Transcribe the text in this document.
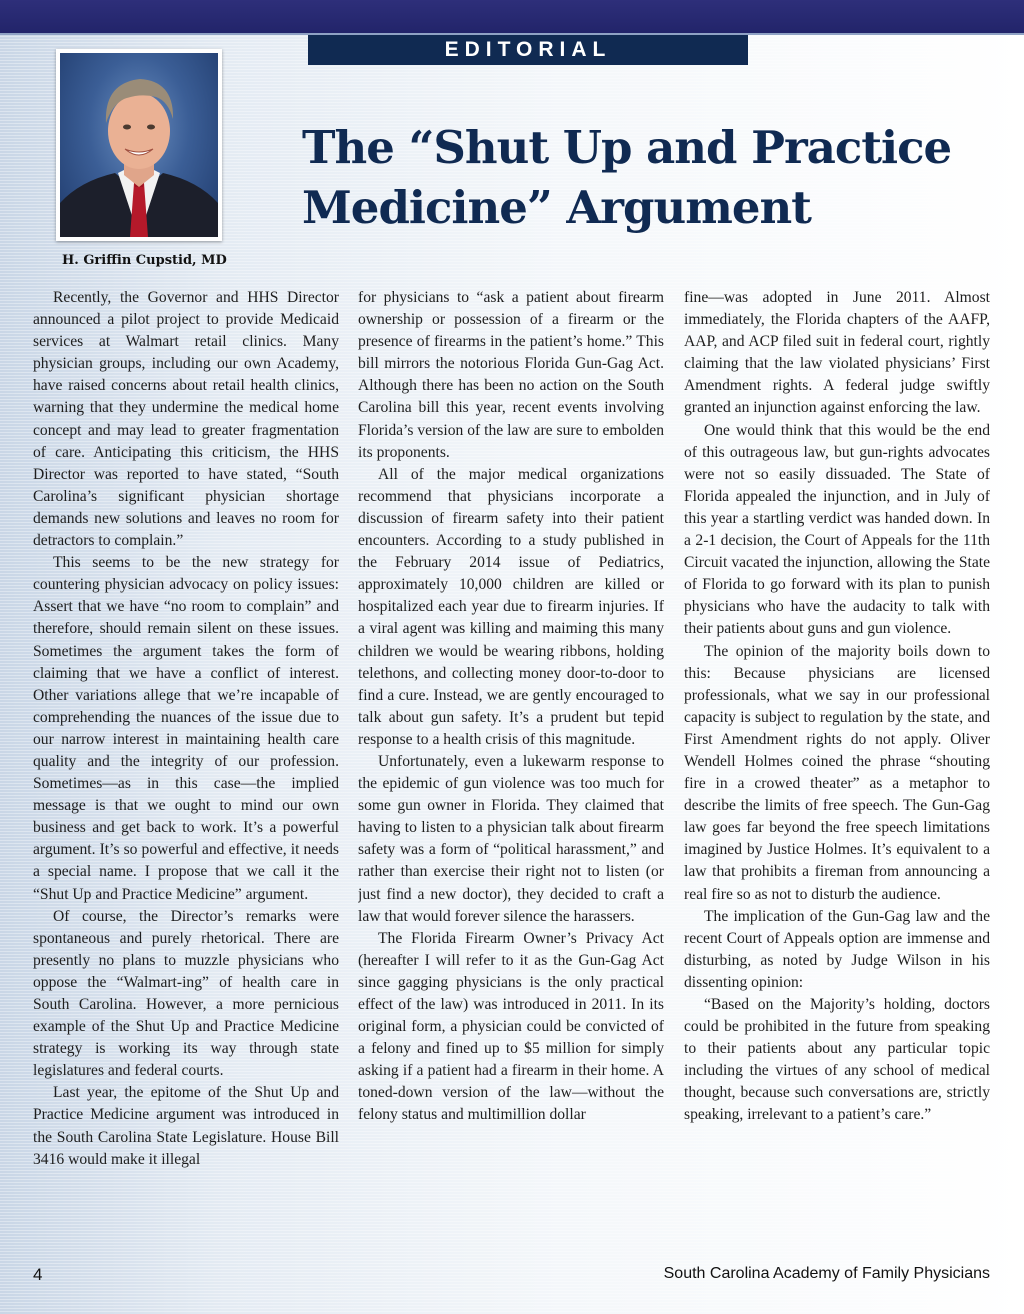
EDITORIAL
H. Griffin Cupstid, MD
The “Shut Up and Practice
Medicine” Argument

Recently, the Governor and HHS Director announced a pilot project to provide Medicaid services at Walmart retail clinics. Many physician groups, including our own Academy, have raised concerns about retail health clinics, warning that they undermine the medical home concept and may lead to greater fragmentation of care. Anticipating this criticism, the HHS Director was reported to have stated, “South Carolina’s significant physician shortage demands new solutions and leaves no room for detractors to complain.”

This seems to be the new strategy for countering physician advocacy on policy issues: Assert that we have “no room to complain” and therefore, should remain silent on these issues. Sometimes the argument takes the form of claiming that we have a conflict of interest. Other variations allege that we’re incapable of comprehending the nuances of the issue due to our narrow interest in maintaining health care quality and the integrity of our profession. Sometimes—as in this case—the implied message is that we ought to mind our own business and get back to work. It’s a powerful argument. It’s so powerful and effective, it needs a special name. I propose that we call it the “Shut Up and Practice Medicine” argument.

Of course, the Director’s remarks were spontaneous and purely rhetorical. There are presently no plans to muzzle physicians who oppose the “Walmart-ing” of health care in South Carolina. However, a more pernicious example of the Shut Up and Practice Medicine strategy is working its way through state legislatures and federal courts.

Last year, the epitome of the Shut Up and Practice Medicine argument was introduced in the South Carolina State Legislature. House Bill 3416 would make it illegal

for physicians to “ask a patient about firearm ownership or possession of a firearm or the presence of firearms in the patient’s home.” This bill mirrors the notorious Florida Gun-Gag Act. Although there has been no action on the South Carolina bill this year, recent events involving Florida’s version of the law are sure to embolden its proponents.

All of the major medical organizations recommend that physicians incorporate a discussion of firearm safety into their patient encounters. According to a study published in the February 2014 issue of Pediatrics, approximately 10,000 children are killed or hospitalized each year due to firearm injuries. If a viral agent was killing and maiming this many children we would be wearing ribbons, holding telethons, and collecting money door-to-door to find a cure. Instead, we are gently encouraged to talk about gun safety. It’s a prudent but tepid response to a health crisis of this magnitude.

Unfortunately, even a lukewarm response to the epidemic of gun violence was too much for some gun owner in Florida. They claimed that having to listen to a physician talk about firearm safety was a form of “political harassment,” and rather than exercise their right not to listen (or just find a new doctor), they decided to craft a law that would forever silence the harassers.

The Florida Firearm Owner’s Privacy Act (hereafter I will refer to it as the Gun-Gag Act since gagging physicians is the only practical effect of the law) was introduced in 2011. In its original form, a physician could be convicted of a felony and fined up to $5 million for simply asking if a patient had a firearm in their home. A toned-down version of the law—without the felony status and multimillion dollar

fine—was adopted in June 2011. Almost immediately, the Florida chapters of the AAFP, AAP, and ACP filed suit in federal court, rightly claiming that the law violated physicians’ First Amendment rights. A federal judge swiftly granted an injunction against enforcing the law.

One would think that this would be the end of this outrageous law, but gun-rights advocates were not so easily dissuaded. The State of Florida appealed the injunction, and in July of this year a startling verdict was handed down. In a 2-1 decision, the Court of Appeals for the 11th Circuit vacated the injunction, allowing the State of Florida to go forward with its plan to punish physicians who have the audacity to talk with their patients about guns and gun violence.

The opinion of the majority boils down to this: Because physicians are licensed professionals, what we say in our professional capacity is subject to regulation by the state, and First Amendment rights do not apply. Oliver Wendell Holmes coined the phrase “shouting fire in a crowed theater” as a metaphor to describe the limits of free speech. The Gun-Gag law goes far beyond the free speech limitations imagined by Justice Holmes. It’s equivalent to a law that prohibits a fireman from announcing a real fire so as not to disturb the audience.

The implication of the Gun-Gag law and the recent Court of Appeals option are immense and disturbing, as noted by Judge Wilson in his dissenting opinion:

“Based on the Majority’s holding, doctors could be prohibited in the future from speaking to their patients about any particular topic including the virtues of any school of medical thought, because such conversations are, strictly speaking, irrelevant to a patient’s care.”

4	South Carolina Academy of Family Physicians
